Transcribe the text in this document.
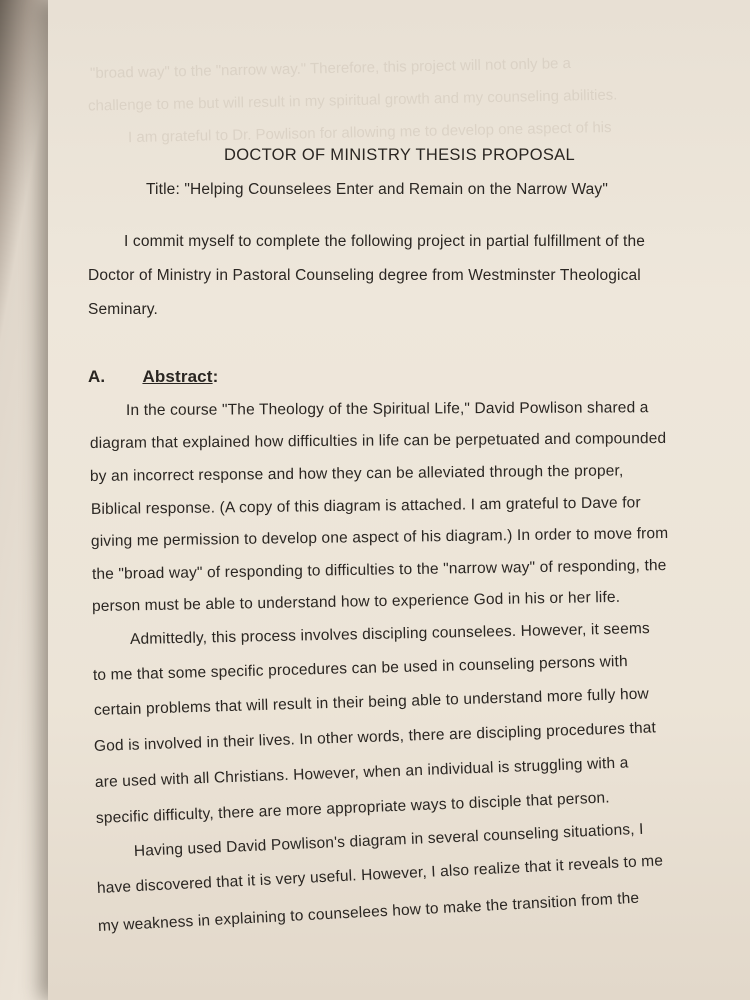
"broad way" to the "narrow way." Therefore, this project will not only be a
challenge to me but will result in my spiritual growth and my counseling abilities.
I am grateful to Dr. Powlison for allowing me to develop one aspect of his
DOCTOR OF MINISTRY THESIS PROPOSAL
Title: "Helping Counselees Enter and Remain on the Narrow Way"
I commit myself to complete the following project in partial fulfillment of the
Doctor of Ministry in Pastoral Counseling degree from Westminster Theological
Seminary.
A. Abstract:
In the course "The Theology of the Spiritual Life," David Powlison shared a
diagram that explained how difficulties in life can be perpetuated and compounded
by an incorrect response and how they can be alleviated through the proper,
Biblical response. (A copy of this diagram is attached. I am grateful to Dave for
giving me permission to develop one aspect of his diagram.) In order to move from
the "broad way" of responding to difficulties to the "narrow way" of responding, the
person must be able to understand how to experience God in his or her life.
Admittedly, this process involves discipling counselees. However, it seems
to me that some specific procedures can be used in counseling persons with
certain problems that will result in their being able to understand more fully how
God is involved in their lives. In other words, there are discipling procedures that
are used with all Christians. However, when an individual is struggling with a
specific difficulty, there are more appropriate ways to disciple that person.
Having used David Powlison's diagram in several counseling situations, I
have discovered that it is very useful. However, I also realize that it reveals to me
my weakness in explaining to counselees how to make the transition from the
